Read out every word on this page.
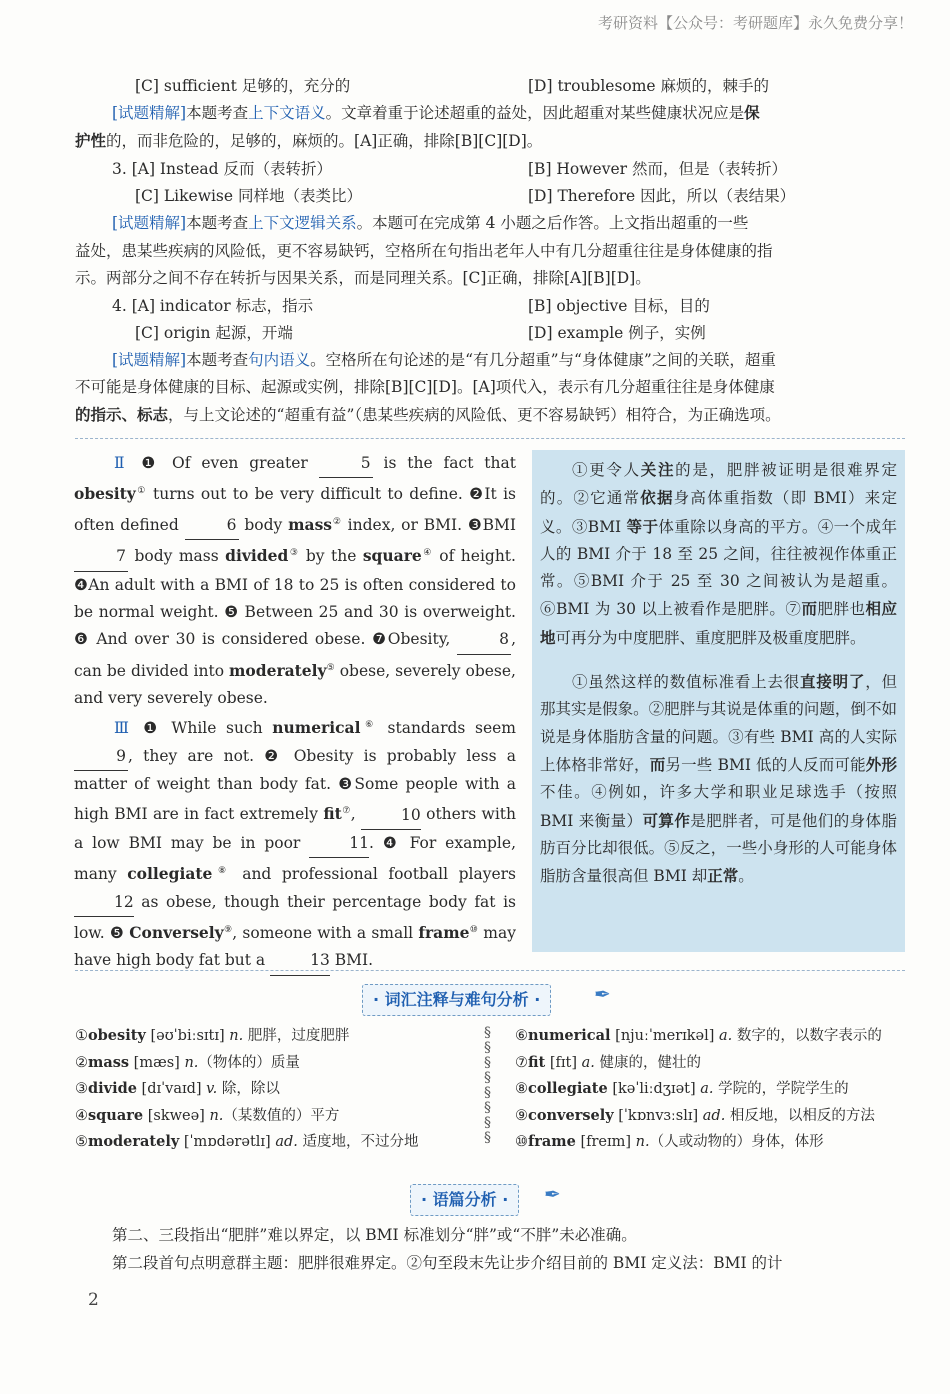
考研资料【公众号：考研题库】永久免费分享！
[C] sufficient 足够的，充分的	[D] troublesome 麻烦的，棘手的
[试题精解]本题考查上下文语义。文章着重于论述超重的益处，因此超重对某些健康状况应是保
护性的，而非危险的，足够的，麻烦的。[A]正确，排除[B][C][D]。
3. [A] Instead 反而（表转折）	[B] However 然而，但是（表转折）
[C] Likewise 同样地（表类比）	[D] Therefore 因此，所以（表结果）
[试题精解]本题考查上下文逻辑关系。本题可在完成第 4 小题之后作答。上文指出超重的一些
益处，患某些疾病的风险低，更不容易缺钙，空格所在句指出老年人中有几分超重往往是身体健康的指
示。两部分之间不存在转折与因果关系，而是同理关系。[C]正确，排除[A][B][D]。
4. [A] indicator 标志，指示	[B] objective 目标，目的
[C] origin 起源，开端	[D] example 例子，实例
[试题精解]本题考查句内语义。空格所在句论述的是“有几分超重”与“身体健康”之间的关联，超重
不可能是身体健康的目标、起源或实例，排除[B][C][D]。[A]项代入，表示有几分超重往往是身体健康
的指示、标志，与上文论述的“超重有益”（患某些疾病的风险低、更不容易缺钙）相符合，为正确选项。

Ⅱ ❶ Of even greater	5 is the fact that obesity① turns out to be very difficult to define. ❷It is often defined	6 body mass② index, or BMI. ❸BMI 7 body mass divided③ by the square④ of height. ❹An adult with a BMI of 18 to 25 is often considered to be normal weight. ❺ Between 25 and 30 is overweight. ❻ And over 30 is considered obese. ❼Obesity,	8 , can be divided into moderately⑤ obese, severely obese, and very severely obese.

Ⅲ ❶ While such numerical⑥ standards seem 9 , they are not. ❷ Obesity is probably less a matter of weight than body fat. ❸Some people with a high BMI are in fact extremely fit⑦,	10 others with a low BMI may be in poor	11. ❹ For example, many collegiate⑧ and professional football players 12 as obese, though their percentage body fat is low. ❺ Conversely⑨, someone with a small frame⑩ may have high body fat but a	13 BMI.

①更令人关注的是，肥胖被证明是很难界定的。②它通常依据身高体重指数（即 BMI）来定义。③BMI 等于体重除以身高的平方。④一个成年人的 BMI 介于 18 至 25 之间，往往被视作体重正常。⑤BMI 介于 25 至 30 之间被认为是超重。⑥BMI 为 30 以上被看作是肥胖。⑦而肥胖也相应地可再分为中度肥胖、重度肥胖及极重度肥胖。

①虽然这样的数值标准看上去很直接明了，但那其实是假象。②肥胖与其说是体重的问题，倒不如说是身体脂肪含量的问题。③有些 BMI 高的人实际上体格非常好，而另一些 BMI 低的人反而可能外形不佳。④例如，许多大学和职业足球选手（按照 BMI 来衡量）可算作是肥胖者，可是他们的身体脂肪百分比却很低。⑤反之，一些小身形的人可能身体脂肪含量很高但 BMI 却正常。

· 词汇注释与难句分析 ·	✒
①obesity [əʊˈbiːsɪtɪ] n. 肥胖，过度肥胖
②mass [mæs] n.（物体的）质量
③divide [dɪˈvaɪd] v. 除，除以
④square [skweə] n.（某数值的）平方
⑤moderately [ˈmɒdərətlɪ] ad. 适度地，不过分地
§
§
§
§
§
§
§
§
⑥numerical [njuːˈmerɪkəl] a. 数字的，以数字表示的
⑦fit [fɪt] a. 健康的，健壮的
⑧collegiate [kəˈliːdʒɪət] a. 学院的，学院学生的
⑨conversely [ˈkɒnvɜːslɪ] ad. 相反地，以相反的方法
⑩frame [freɪm] n.（人或动物的）身体，体形
· 语篇分析 ·	✒
第二、三段指出“肥胖”难以界定，以 BMI 标准划分“胖”或“不胖”未必准确。
第二段首句点明意群主题：肥胖很难界定。②句至段末先让步介绍目前的 BMI 定义法：BMI 的计
2
